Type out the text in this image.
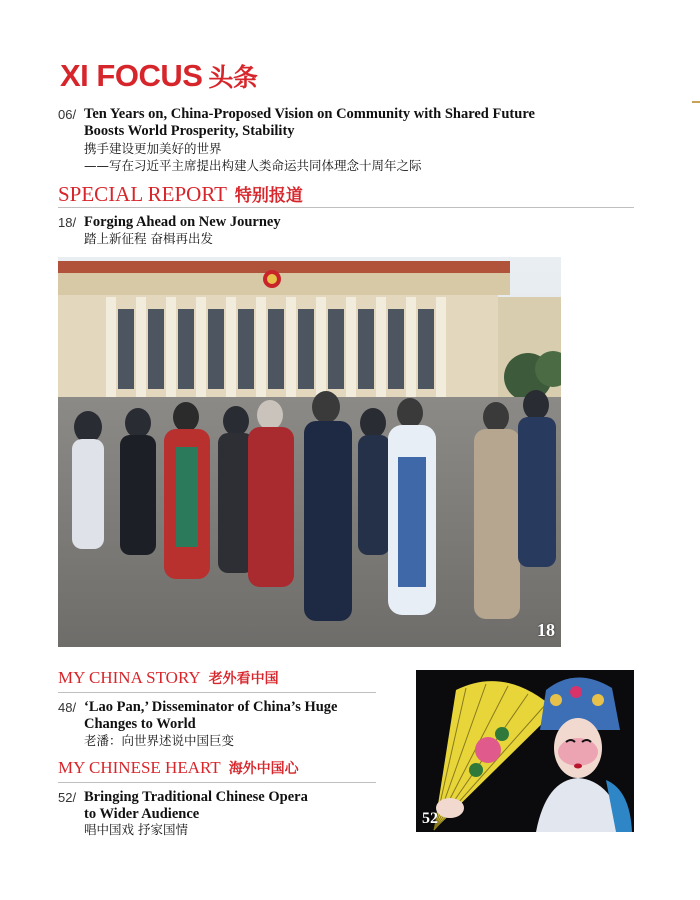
XI FOCUS 头条
06/ Ten Years on, China-Proposed Vision on Community with Shared Future
Boosts World Prosperity, Stability
携手建设更加美好的世界
——写在习近平主席提出构建人类命运共同体理念十周年之际
SPECIAL REPORT 特别报道
18/ Forging Ahead on New Journey
踏上新征程 奋楫再出发
18
MY CHINA STORY 老外看中国
48/ ‘Lao Pan,’ Disseminator of China’s Huge
Changes to World
老潘：向世界述说中国巨变
MY CHINESE HEART 海外中国心
52/ Bringing Traditional Chinese Opera
to Wider Audience
唱中国戏 抒家国情
52
